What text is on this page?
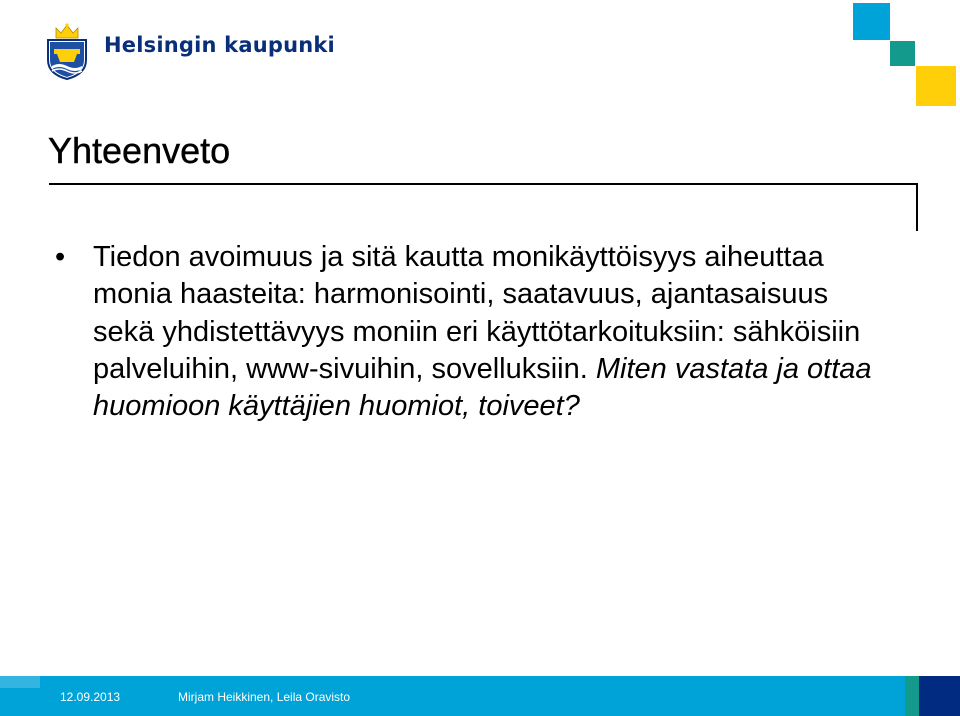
Helsingin kaupunki
Yhteenveto
• Tiedon avoimuus ja sitä kautta monikäyttöisyys aiheuttaa monia haasteita: harmonisointi, saatavuus, ajantasaisuus sekä yhdistettävyys moniin eri käyttötarkoituksiin: sähköisiin palveluihin, www-sivuihin, sovelluksiin. Miten vastata ja ottaa huomioon käyttäjien huomiot, toiveet?
12.09.2013	Mirjam Heikkinen, Leila Oravisto
